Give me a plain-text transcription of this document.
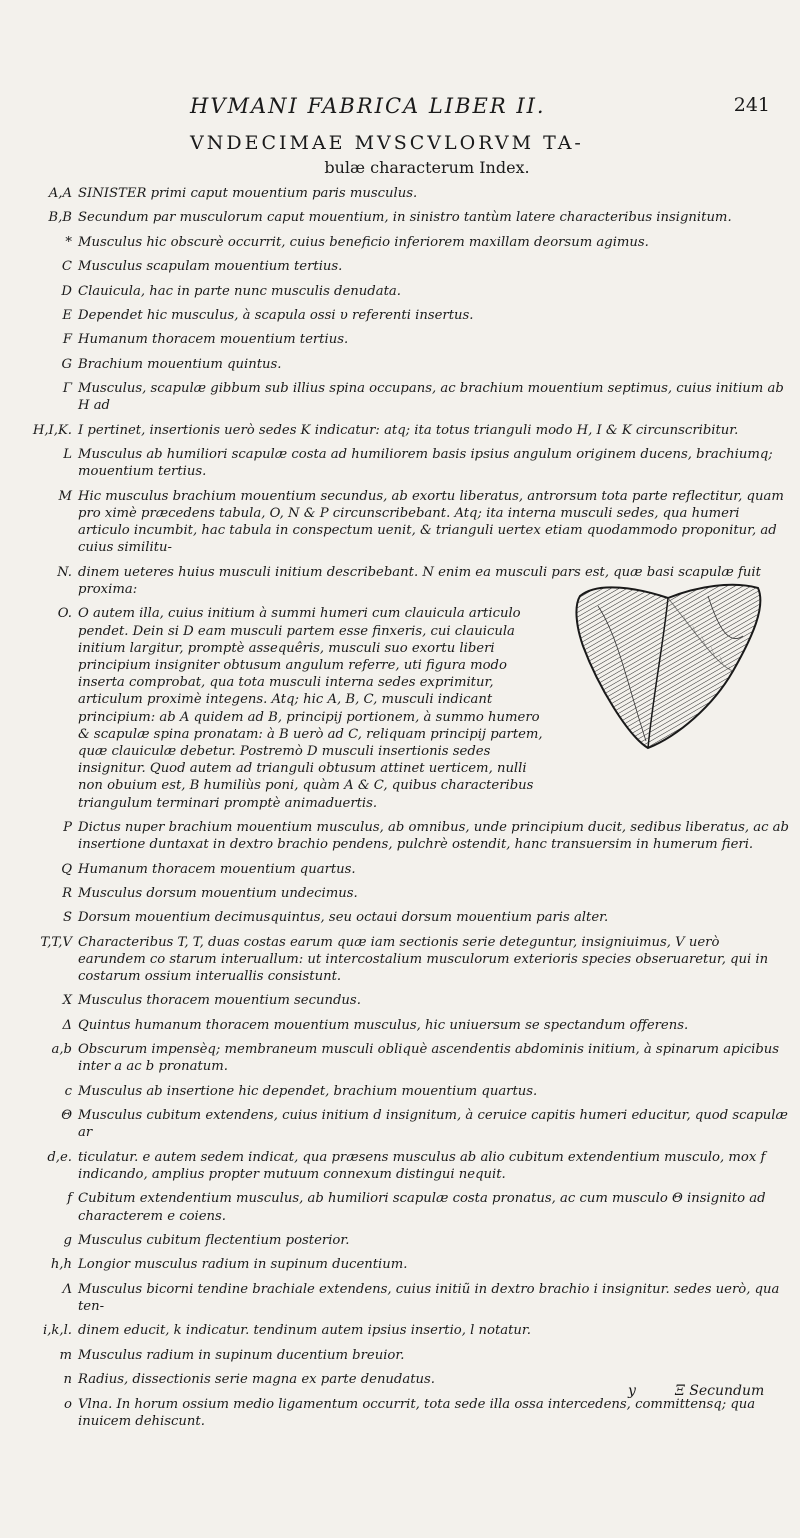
HVMANI FABRICA LIBER II.	241
VNDECIMAE MVSCVLORVM TA-
bulæ characterum Index.
A,A SINISTER primi caput mouentium paris musculus.
B,B Secundum par musculorum caput mouentium, in sinistro tantùm latere characteribus insignitum.
* Musculus hic obscurè occurrit, cuius beneficio inferiorem maxillam deorsum agimus.
C Musculus scapulam mouentium tertius.
D Clauicula, hac in parte nunc musculis denudata.
E Dependet hic musculus, à scapula ossi υ referenti insertus.
F Humanum thoracem mouentium tertius.
G Brachium mouentium quintus.
Γ Musculus, scapulæ gibbum sub illius spina occupans, ac brachium mouentium septimus, cuius initium ab H ad
H,I,K. I pertinet, insertionis uerò sedes K indicatur: atq; ita totus trianguli modo H, I & K circunscribitur.
L Musculus ab humiliori scapulæ costa ad humiliorem basis ipsius angulum originem ducens, brachiumq; mouentium tertius.
M Hic musculus brachium mouentium secundus, ab exortu liberatus, antrorsum tota parte reflectitur, quam pro ximè præcedens tabula, O, N & P circunscribebant. Atq; ita interna musculi sedes, qua humeri articulo incumbit, hac tabula in conspectum uenit, & trianguli uertex etiam quodammodo proponitur, ad cuius similitu-
N. dinem ueteres huius musculi initium describebant. N enim ea musculi pars est, quæ basi scapulæ fuit proxima:
O. O autem illa, cuius initium à summi humeri cum clauicula articulo pendet. Dein si D eam musculi partem esse finxeris, cui clauicula initium largitur, promptè assequêris, musculi suo exortu liberi principium insigniter obtusum angulum referre, uti figura modo inserta comprobat, qua tota musculi interna sedes exprimitur, articulum proximè integens. Atq; hic A, B, C, musculi indicant principium: ab A quidem ad B, principij portionem, à summo humero & scapulæ spina pronatam: à B uerò ad C, reliquam principij partem, quæ clauiculæ debetur. Postremò D musculi insertionis sedes insignitur. Quod autem ad trianguli obtusum attinet uerticem, nulli non obuium est, B humiliùs poni, quàm A & C, quibus characteribus triangulum terminari promptè animaduertis.
P Dictus nuper brachium mouentium musculus, ab omnibus, unde principium ducit, sedibus liberatus, ac ab insertione duntaxat in dextro brachio pendens, pulchrè ostendit, hanc transuersim in humerum fieri.
Q Humanum thoracem mouentium quartus.
R Musculus dorsum mouentium undecimus.
S Dorsum mouentium decimusquintus, seu octaui dorsum mouentium paris alter.
T,T,V Characteribus T, T, duas costas earum quæ iam sectionis serie deteguntur, insigniuimus, V uerò earundem co starum interuallum: ut intercostalium musculorum exterioris species obseruaretur, qui in costarum ossium interuallis consistunt.
X Musculus thoracem mouentium secundus.
Δ Quintus humanum thoracem mouentium musculus, hic uniuersum se spectandum offerens.
a,b Obscurum impensèq; membraneum musculi obliquè ascendentis abdominis initium, à spinarum apicibus inter a ac b pronatum.
c Musculus ab insertione hic dependet, brachium mouentium quartus.
Θ Musculus cubitum extendens, cuius initium d insignitum, à ceruice capitis humeri educitur, quod scapulæ ar
d,e. ticulatur. e autem sedem indicat, qua præsens musculus ab alio cubitum extendentium musculo, mox f indicando, amplius propter mutuum connexum distingui nequit.
f Cubitum extendentium musculus, ab humiliori scapulæ costa pronatus, ac cum musculo Θ insignito ad characterem e coiens.
g Musculus cubitum flectentium posterior.
h,h Longior musculus radium in supinum ducentium.
Λ Musculus bicorni tendine brachiale extendens, cuius initiũ in dextro brachio i insignitur. sedes uerò, qua ten-
i,k,l. dinem educit, k indicatur. tendinum autem ipsius insertio, l notatur.
m Musculus radium in supinum ducentium breuior.
n Radius, dissectionis serie magna ex parte denudatus.
o Vlna. In horum ossium medio ligamentum occurrit, tota sede illa ossa intercedens, committensq; qua inuicem dehiscunt.
y	Ξ Secundum
